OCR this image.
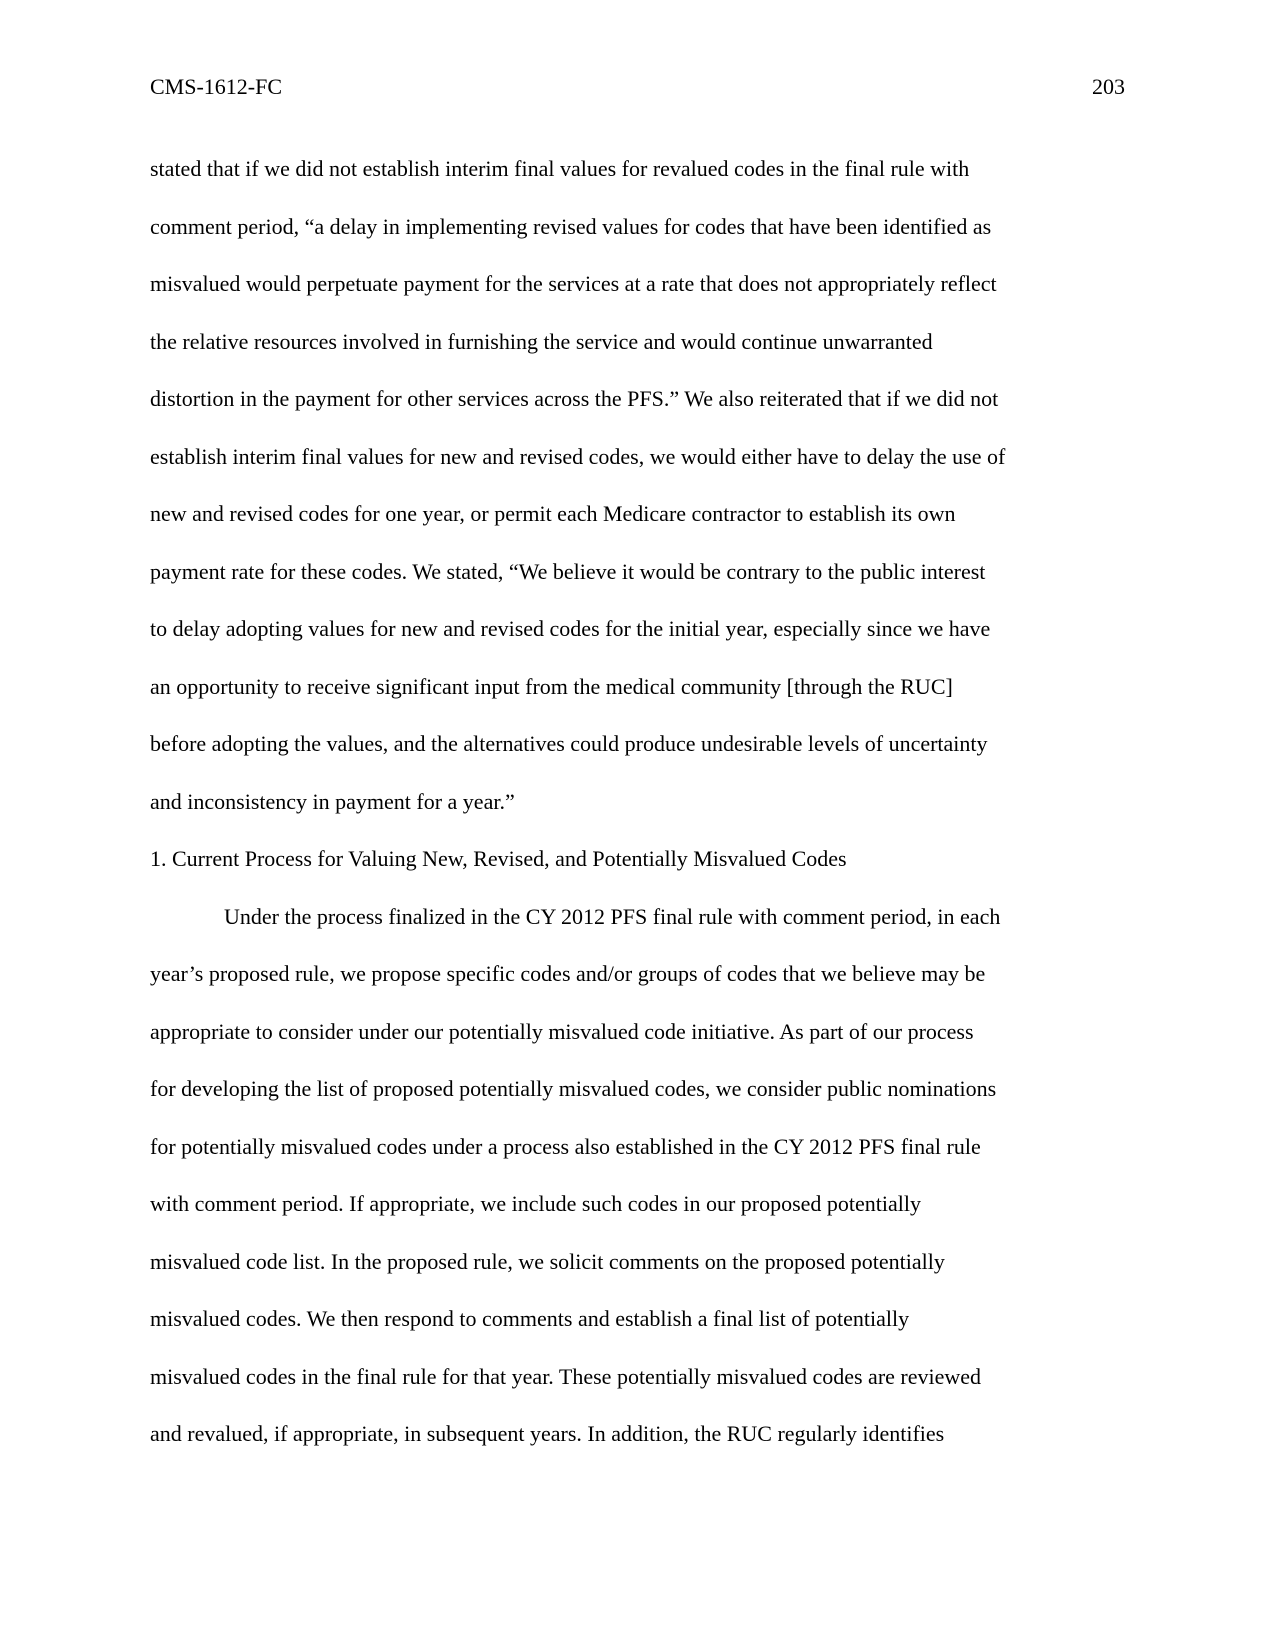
CMS-1612-FC	203
stated that if we did not establish interim final values for revalued codes in the final rule with
comment period, “a delay in implementing revised values for codes that have been identified as
misvalued would perpetuate payment for the services at a rate that does not appropriately reflect
the relative resources involved in furnishing the service and would continue unwarranted
distortion in the payment for other services across the PFS.” We also reiterated that if we did not
establish interim final values for new and revised codes, we would either have to delay the use of
new and revised codes for one year, or permit each Medicare contractor to establish its own
payment rate for these codes. We stated, “We believe it would be contrary to the public interest
to delay adopting values for new and revised codes for the initial year, especially since we have
an opportunity to receive significant input from the medical community [through the RUC]
before adopting the values, and the alternatives could produce undesirable levels of uncertainty
and inconsistency in payment for a year.”
1. Current Process for Valuing New, Revised, and Potentially Misvalued Codes
Under the process finalized in the CY 2012 PFS final rule with comment period, in each
year’s proposed rule, we propose specific codes and/or groups of codes that we believe may be
appropriate to consider under our potentially misvalued code initiative. As part of our process
for developing the list of proposed potentially misvalued codes, we consider public nominations
for potentially misvalued codes under a process also established in the CY 2012 PFS final rule
with comment period. If appropriate, we include such codes in our proposed potentially
misvalued code list. In the proposed rule, we solicit comments on the proposed potentially
misvalued codes. We then respond to comments and establish a final list of potentially
misvalued codes in the final rule for that year. These potentially misvalued codes are reviewed
and revalued, if appropriate, in subsequent years. In addition, the RUC regularly identifies
